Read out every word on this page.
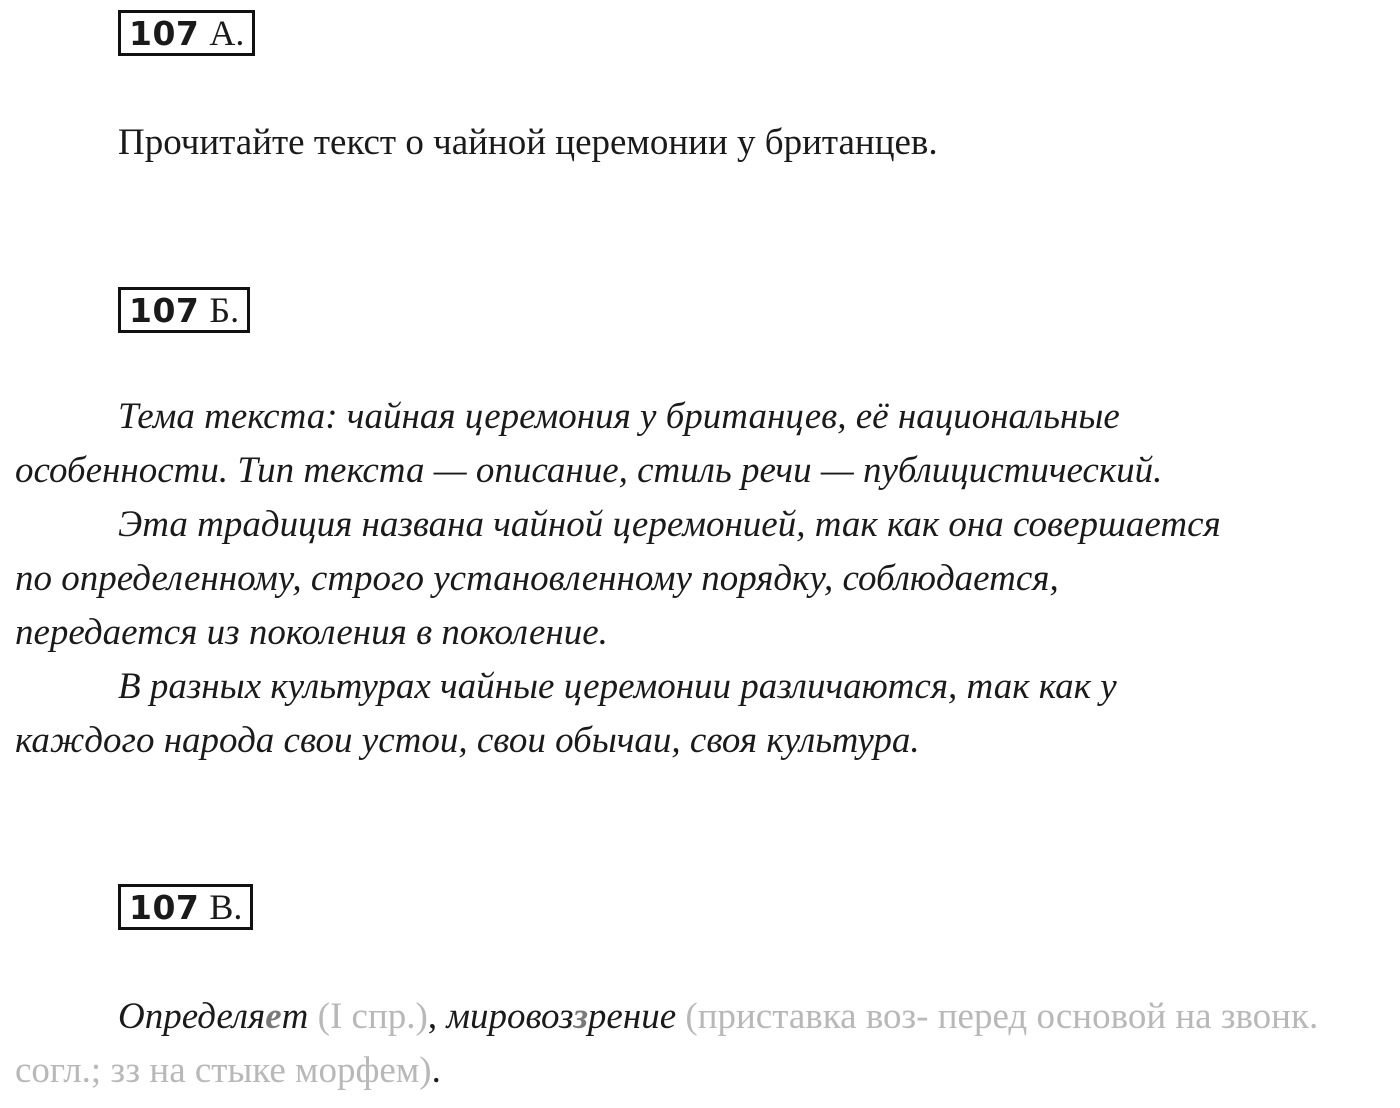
107 А.
Прочитайте текст о чайной церемонии у британцев.
107 Б.

Тема текста: чайная церемония у британцев, её национальные
особенности. Тип текста — описание, стиль речи — публицистический.

Эта традиция названа чайной церемонией, так как она совершается
по определенному, строго установленному порядку, соблюдается,
передается из поколения в поколение.

В разных культурах чайные церемонии различаются, так как у
каждого народа свои устои, свои обычаи, своя культура.

107 В.

Определяет (I спр.), мировоззрение (приставка воз- перед основой на звонк.
согл.; зз на стыке морфем).
